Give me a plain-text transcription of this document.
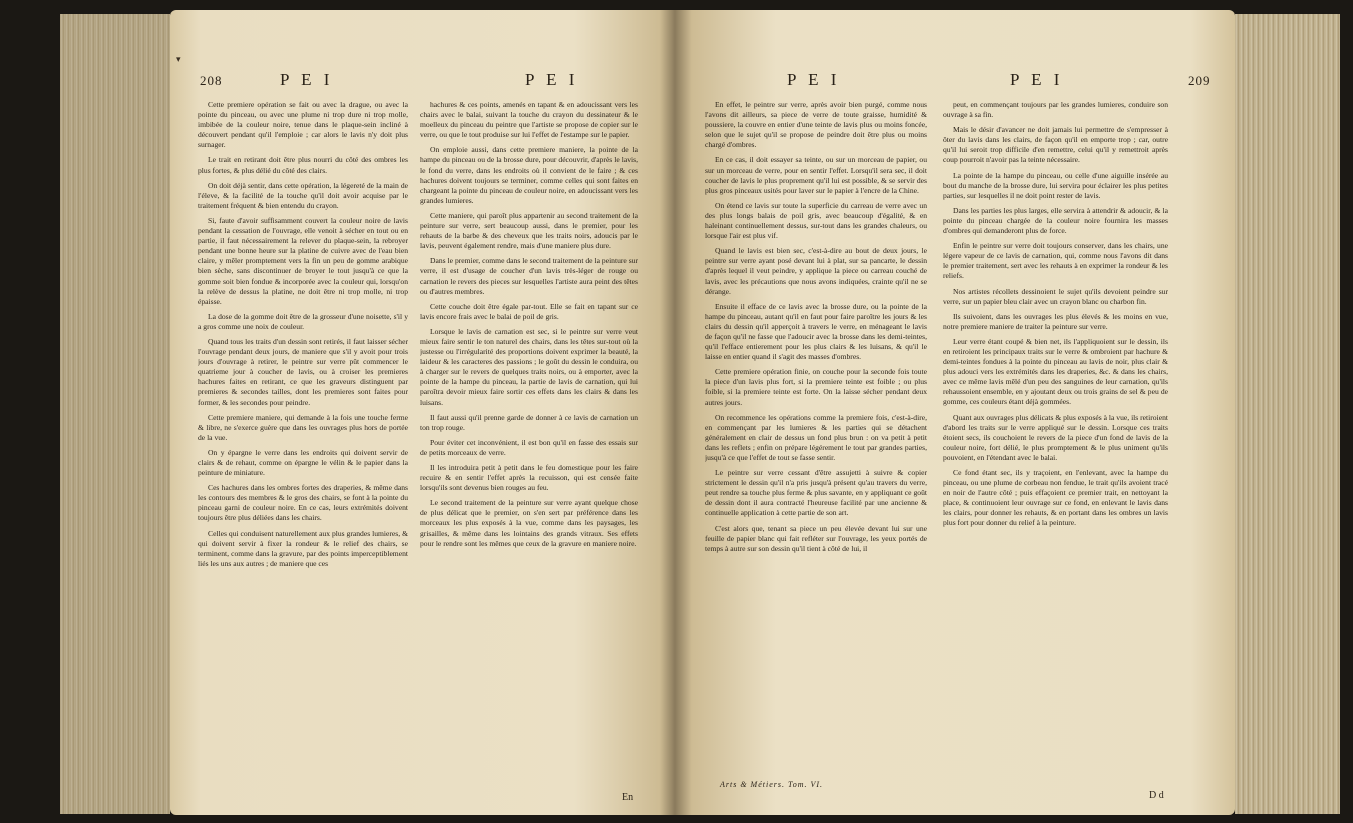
▾
208	P E I	P E I

Cette premiere opération se fait ou avec la drague, ou avec la pointe du pinceau, ou avec une plume ni trop dure ni trop molle, imbibée de la couleur noire, tenue dans le plaque-sein incliné à découvert pendant qu'il l'emploie ; car alors le lavis n'y doit plus surnager.

Le trait en retirant doit être plus nourri du côté des ombres les plus fortes, & plus délié du côté des clairs.

On doit déjà sentir, dans cette opération, la légereté de la main de l'éleve, & la facilité de la touche qu'il doit avoir acquise par le traitement fréquent & bien entendu du crayon.

Si, faute d'avoir suffisamment couvert la couleur noire de lavis pendant la cessation de l'ouvrage, elle venoit à sécher en tout ou en partie, il faut nécessairement la relever du plaque-sein, la rebroyer pendant une bonne heure sur la platine de cuivre avec de l'eau bien claire, y mêler promptement vers la fin un peu de gomme arabique bien sèche, sans discontinuer de broyer le tout jusqu'à ce que la gomme soit bien fondue & incorporée avec la couleur qui, lorsqu'on la relève de dessus la platine, ne doit être ni trop molle, ni trop épaisse.

La dose de la gomme doit être de la grosseur d'une noisette, s'il y a gros comme une noix de couleur.

Quand tous les traits d'un dessin sont retirés, il faut laisser sécher l'ouvrage pendant deux jours, de maniere que s'il y avoit pour trois jours d'ouvrage à retirer, le peintre sur verre pût commencer le quatrieme jour à coucher de lavis, ou à croiser les premieres hachures faites en retirant, ce que les graveurs distinguent par premieres & secondes tailles, dont les premieres sont faites pour former, & les secondes pour peindre.

Cette premiere maniere, qui demande à la fois une touche ferme & libre, ne s'exerce guère que dans les ouvrages plus hors de portée de la vue.

On y épargne le verre dans les endroits qui doivent servir de clairs & de rehaut, comme on épargne le vélin & le papier dans la peinture de miniature.

Ces hachures dans les ombres fortes des draperies, & même dans les contours des membres & le gros des chairs, se font à la pointe du pinceau garni de couleur noire. En ce cas, leurs extrémités doivent toujours être plus déliées dans les chairs.

Celles qui conduisent naturellement aux plus grandes lumieres, & qui doivent servir à fixer la rondeur & le relief des chairs, se terminent, comme dans la gravure, par des points imperceptiblement liés les uns aux autres ; de maniere que ces

hachures & ces points, amenés en tapant & en adoucissant vers les chairs avec le balai, suivant la touche du crayon du dessinateur & le moelleux du pinceau du peintre que l'artiste se propose de copier sur le verre, ou que le tout produise sur lui l'effet de l'estampe sur le papier.

On emploie aussi, dans cette premiere maniere, la pointe de la hampe du pinceau ou de la brosse dure, pour découvrir, d'après le lavis, le fond du verre, dans les endroits où il convient de le faire ; & ces hachures doivent toujours se terminer, comme celles qui sont faites en chargeant la pointe du pinceau de couleur noire, en adoucissant vers les grandes lumieres.

Cette maniere, qui paroît plus appartenir au second traitement de la peinture sur verre, sert beaucoup aussi, dans le premier, pour les rehauts de la barbe & des cheveux que les traits noirs, adoucis par le lavis, peuvent également rendre, mais d'une maniere plus dure.

Dans le premier, comme dans le second traitement de la peinture sur verre, il est d'usage de coucher d'un lavis très-léger de rouge ou carnation le revers des pieces sur lesquelles l'artiste aura peint des têtes ou d'autres membres.

Cette couche doit être égale par-tout. Elle se fait en tapant sur ce lavis encore frais avec le balai de poil de gris.

Lorsque le lavis de carnation est sec, si le peintre sur verre veut mieux faire sentir le ton naturel des chairs, dans les têtes sur-tout où la justesse ou l'irrégularité des proportions doivent exprimer la beauté, la laideur & les caracteres des passions ; le goût du dessin le conduira, ou à charger sur le revers de quelques traits noirs, ou à emporter, avec la pointe de la hampe du pinceau, la partie de lavis de carnation, qui lui paroîtra devoir mieux faire sortir ces effets dans les clairs & dans les luisans.

Il faut aussi qu'il prenne garde de donner à ce lavis de carnation un ton trop rouge.

Pour éviter cet inconvénient, il est bon qu'il en fasse des essais sur de petits morceaux de verre.

Il les introduira petit à petit dans le feu domestique pour les faire recuire & en sentir l'effet après la recuisson, qui est censée faite lorsqu'ils sont devenus bien rouges au feu.

Le second traitement de la peinture sur verre ayant quelque chose de plus délicat que le premier, on s'en sert par préférence dans les morceaux les plus exposés à la vue, comme dans les paysages, les grisailles, & même dans les lointains des grands vitraux. Ses effets pour le rendre sont les mêmes que ceux de la gravure en maniere noire.

En
P E I	P E I	209

En effet, le peintre sur verre, après avoir bien purgé, comme nous l'avons dit ailleurs, sa piece de verre de toute graisse, humidité & poussiere, la couvre en entier d'une teinte de lavis plus ou moins foncée, selon que le sujet qu'il se propose de peindre doit être plus ou moins chargé d'ombres.

En ce cas, il doit essayer sa teinte, ou sur un morceau de papier, ou sur un morceau de verre, pour en sentir l'effet. Lorsqu'il sera sec, il doit coucher de lavis le plus proprement qu'il lui est possible, & se servir des plus gros pinceaux usités pour laver sur le papier à l'encre de la Chine.

On étend ce lavis sur toute la superficie du carreau de verre avec un des plus longs balais de poil gris, avec beaucoup d'égalité, & en haleinant continuellement dessus, sur-tout dans les grandes chaleurs, ou lorsque l'air est plus vif.

Quand le lavis est bien sec, c'est-à-dire au bout de deux jours, le peintre sur verre ayant posé devant lui à plat, sur sa pancarte, le dessin d'après lequel il veut peindre, y applique la piece ou carreau couché de lavis, avec les précautions que nous avons indiquées, crainte qu'il ne se dérange.

Ensuite il efface de ce lavis avec la brosse dure, ou la pointe de la hampe du pinceau, autant qu'il en faut pour faire paroître les jours & les clairs du dessin qu'il apperçoit à travers le verre, en ménageant le lavis de façon qu'il ne fasse que l'adoucir avec la brosse dans les demi-teintes, qu'il l'efface entierement pour les plus clairs & les luisans, & qu'il le laisse en entier quand il s'agit des masses d'ombres.

Cette premiere opération finie, on couche pour la seconde fois toute la piece d'un lavis plus fort, si la premiere teinte est foible ; ou plus foible, si la premiere teinte est forte. On la laisse sécher pendant deux autres jours.

On recommence les opérations comme la premiere fois, c'est-à-dire, en commençant par les lumieres & les parties qui se détachent généralement en clair de dessus un fond plus brun : on va petit à petit dans les reflets ; enfin on prépare légérement le tout par grandes parties, jusqu'à ce que l'effet de tout se fasse sentir.

Le peintre sur verre cessant d'être assujetti à suivre & copier strictement le dessin qu'il n'a pris jusqu'à présent qu'au travers du verre, peut rendre sa touche plus ferme & plus savante, en y appliquant ce goût de dessin dont il aura contracté l'heureuse facilité par une ancienne & continuelle application à cette partie de son art.

C'est alors que, tenant sa piece un peu élevée devant lui sur une feuille de papier blanc qui fait refléter sur l'ouvrage, les yeux portés de temps à autre sur son dessin qu'il tient à côté de lui, il

peut, en commençant toujours par les grandes lumieres, conduire son ouvrage à sa fin.

Mais le désir d'avancer ne doit jamais lui permettre de s'empresser à ôter du lavis dans les clairs, de façon qu'il en emporte trop ; car, outre qu'il lui seroit trop difficile d'en remettre, celui qu'il y remettroit après coup pourroit n'avoir pas la teinte nécessaire.

La pointe de la hampe du pinceau, ou celle d'une aiguille insérée au bout du manche de la brosse dure, lui servira pour éclairer les plus petites parties, sur lesquelles il ne doit point rester de lavis.

Dans les parties les plus larges, elle servira à attendrir & adoucir, & la pointe du pinceau chargée de la couleur noire fournira les masses d'ombres qui demanderont plus de force.

Enfin le peintre sur verre doit toujours conserver, dans les chairs, une légere vapeur de ce lavis de carnation, qui, comme nous l'avons dit dans le premier traitement, sert avec les rehauts à en exprimer la rondeur & les reliefs.

Nos artistes récollets dessinoient le sujet qu'ils devoient peindre sur verre, sur un papier bleu clair avec un crayon blanc ou charbon fin.

Ils suivoient, dans les ouvrages les plus élevés & les moins en vue, notre premiere maniere de traiter la peinture sur verre.

Leur verre étant coupé & bien net, ils l'appliquoient sur le dessin, ils en retiroient les principaux traits sur le verre & ombroient par hachure & demi-teintes fondues à la pointe du pinceau au lavis de noir, plus clair & plus adouci vers les extrémités dans les draperies, &c. & dans les chairs, avec ce même lavis mêlé d'un peu des sanguines de leur carnation, qu'ils rehaussoient ensemble, en y ajoutant deux ou trois grains de sel & peu de gomme, ces couleurs étant déjà gommées.

Quant aux ouvrages plus délicats & plus exposés à la vue, ils retiroient d'abord les traits sur le verre appliqué sur le dessin. Lorsque ces traits étoient secs, ils couchoient le revers de la piece d'un fond de lavis de la couleur noire, fort délié, le plus promptement & le plus uniment qu'ils pouvoient, en l'étendant avec le balai.

Ce fond étant sec, ils y traçoient, en l'enlevant, avec la hampe du pinceau, ou une plume de corbeau non fendue, le trait qu'ils avoient tracé en noir de l'autre côté ; puis effaçoient ce premier trait, en nettoyant la place, & continuoient leur ouvrage sur ce fond, en enlevant le lavis dans les clairs, pour donner les rehauts, & en portant dans les ombres un lavis plus fort pour donner du relief à la peinture.

Arts & Métiers. Tom. VI.
D d
